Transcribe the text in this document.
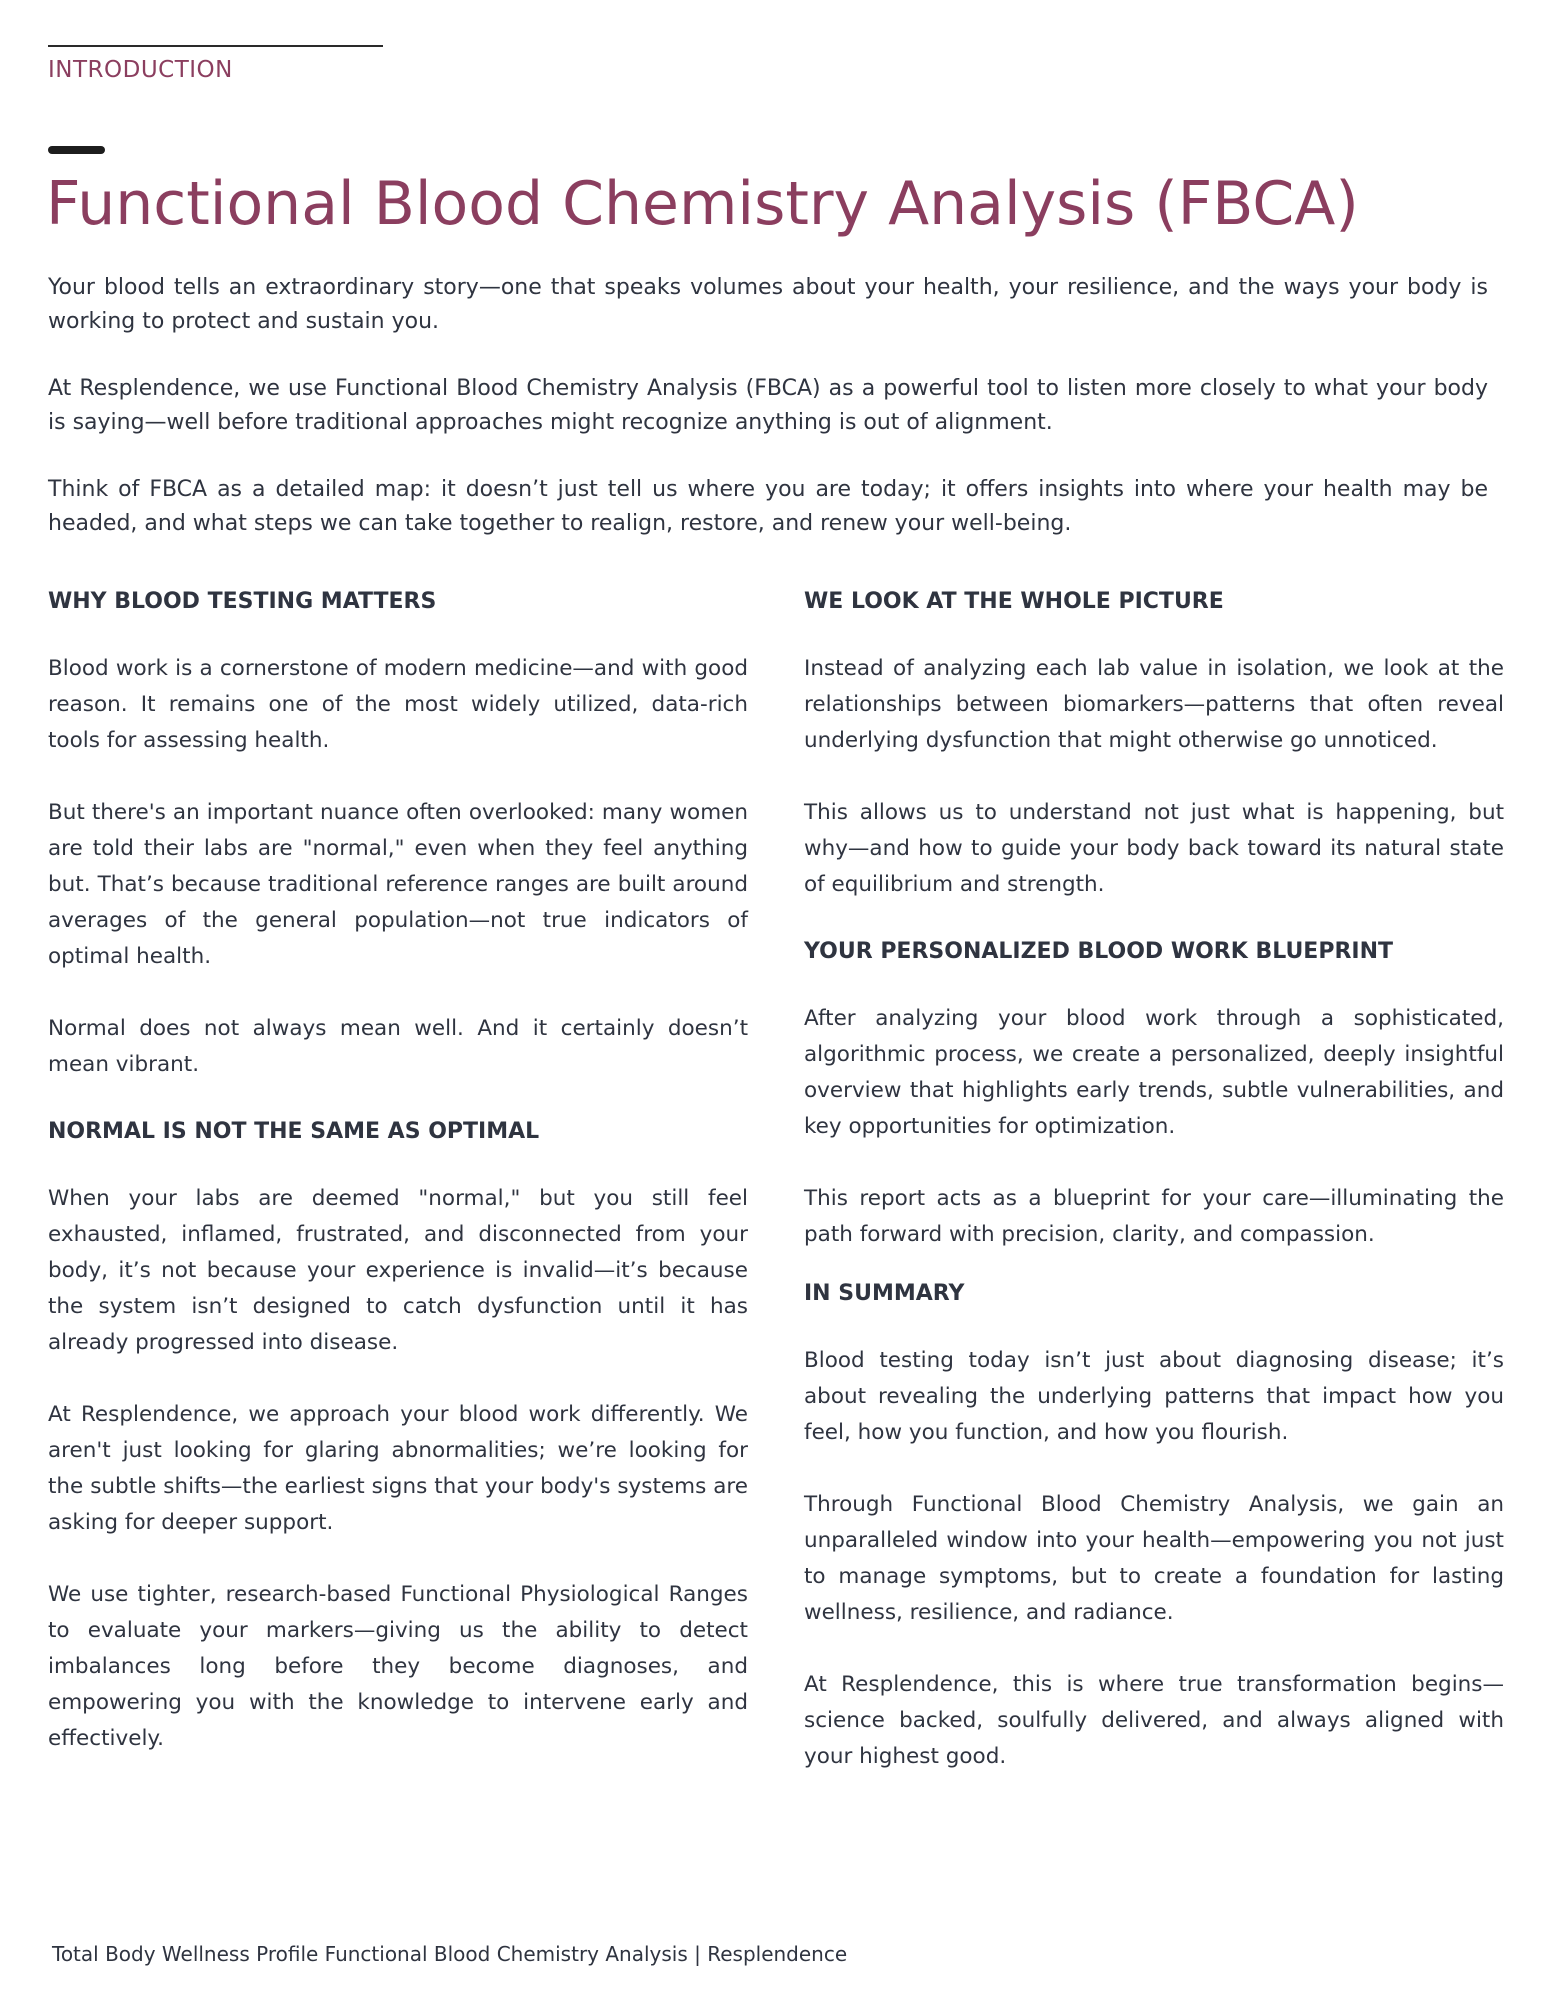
INTRODUCTION
Functional Blood Chemistry Analysis (FBCA)

Your blood tells an extraordinary story—one that speaks volumes about your health, your resilience, and the ways your body is working to protect and sustain you.

At Resplendence, we use Functional Blood Chemistry Analysis (FBCA) as a powerful tool to listen more closely to what your body is saying—well before traditional approaches might recognize anything is out of alignment.

Think of FBCA as a detailed map: it doesn’t just tell us where you are today; it offers insights into where your health may be headed, and what steps we can take together to realign, restore, and renew your well-being.

WHY BLOOD TESTING MATTERS

Blood work is a cornerstone of modern medicine—and with good reason. It remains one of the most widely utilized, data-rich tools for assessing health.

But there's an important nuance often overlooked: many women are told their labs are "normal," even when they feel anything but. That’s because traditional reference ranges are built around averages of the general population—not true indicators of optimal health.

Normal does not always mean well. And it certainly doesn’t mean vibrant.

NORMAL IS NOT THE SAME AS OPTIMAL

When your labs are deemed "normal," but you still feel exhausted, inflamed, frustrated, and disconnected from your body, it’s not because your experience is invalid—it’s because the system isn’t designed to catch dysfunction until it has already progressed into disease.

At Resplendence, we approach your blood work differently. We aren't just looking for glaring abnormalities; we’re looking for the subtle shifts—the earliest signs that your body's systems are asking for deeper support.

We use tighter, research-based Functional Physiological Ranges to evaluate your markers—giving us the ability to detect imbalances long before they become diagnoses, and empowering you with the knowledge to intervene early and effectively.

WE LOOK AT THE WHOLE PICTURE

Instead of analyzing each lab value in isolation, we look at the relationships between biomarkers—patterns that often reveal underlying dysfunction that might otherwise go unnoticed.

This allows us to understand not just what is happening, but why—and how to guide your body back toward its natural state of equilibrium and strength.

YOUR PERSONALIZED BLOOD WORK BLUEPRINT

After analyzing your blood work through a sophisticated, algorithmic process, we create a personalized, deeply insightful overview that highlights early trends, subtle vulnerabilities, and key opportunities for optimization.

This report acts as a blueprint for your care—illuminating the path forward with precision, clarity, and compassion.

IN SUMMARY

Blood testing today isn’t just about diagnosing disease; it’s about revealing the underlying patterns that impact how you feel, how you function, and how you flourish.

Through Functional Blood Chemistry Analysis, we gain an unparalleled window into your health—empowering you not just to manage symptoms, but to create a foundation for lasting wellness, resilience, and radiance.

At Resplendence, this is where true transformation begins—science backed, soulfully delivered, and always aligned with your highest good.

Total Body Wellness Profile Functional Blood Chemistry Analysis | Resplendence
